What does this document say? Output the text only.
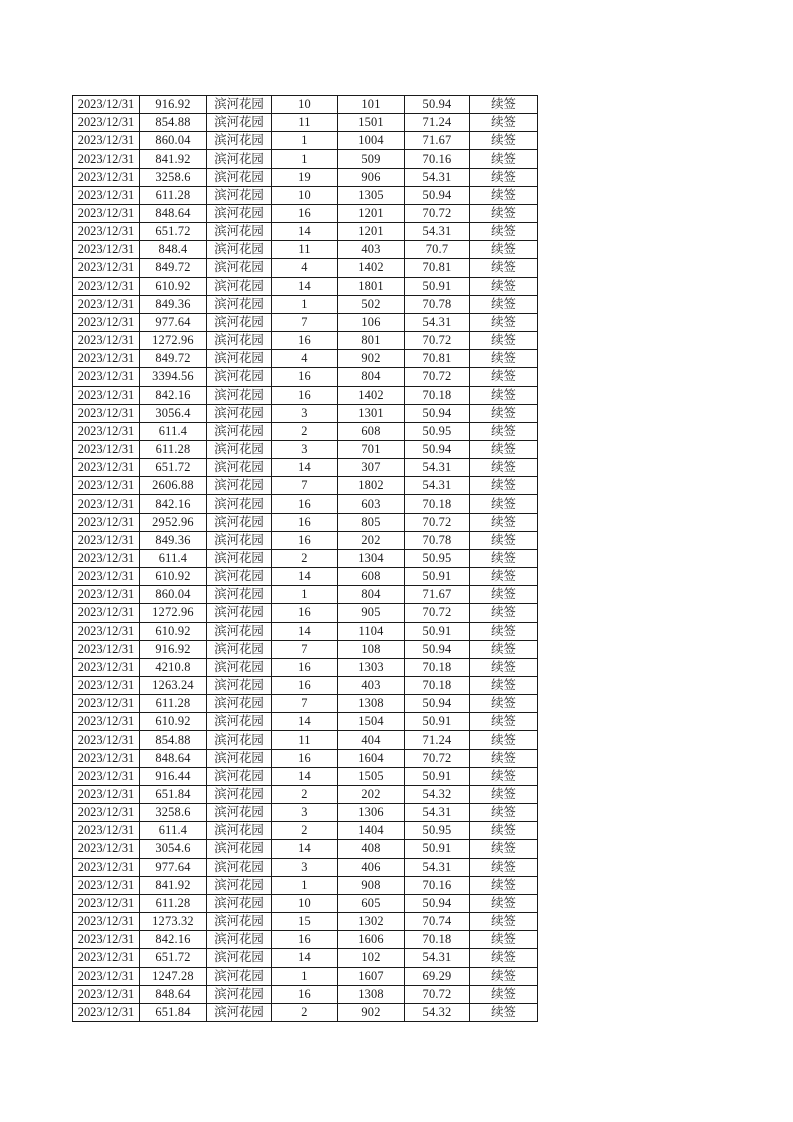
2023/12/31	916.92	滨河花园	10	101	50.94	续签
2023/12/31	854.88	滨河花园	11	1501	71.24	续签
2023/12/31	860.04	滨河花园	1	1004	71.67	续签
2023/12/31	841.92	滨河花园	1	509	70.16	续签
2023/12/31	3258.6	滨河花园	19	906	54.31	续签
2023/12/31	611.28	滨河花园	10	1305	50.94	续签
2023/12/31	848.64	滨河花园	16	1201	70.72	续签
2023/12/31	651.72	滨河花园	14	1201	54.31	续签
2023/12/31	848.4	滨河花园	11	403	70.7	续签
2023/12/31	849.72	滨河花园	4	1402	70.81	续签
2023/12/31	610.92	滨河花园	14	1801	50.91	续签
2023/12/31	849.36	滨河花园	1	502	70.78	续签
2023/12/31	977.64	滨河花园	7	106	54.31	续签
2023/12/31	1272.96	滨河花园	16	801	70.72	续签
2023/12/31	849.72	滨河花园	4	902	70.81	续签
2023/12/31	3394.56	滨河花园	16	804	70.72	续签
2023/12/31	842.16	滨河花园	16	1402	70.18	续签
2023/12/31	3056.4	滨河花园	3	1301	50.94	续签
2023/12/31	611.4	滨河花园	2	608	50.95	续签
2023/12/31	611.28	滨河花园	3	701	50.94	续签
2023/12/31	651.72	滨河花园	14	307	54.31	续签
2023/12/31	2606.88	滨河花园	7	1802	54.31	续签
2023/12/31	842.16	滨河花园	16	603	70.18	续签
2023/12/31	2952.96	滨河花园	16	805	70.72	续签
2023/12/31	849.36	滨河花园	16	202	70.78	续签
2023/12/31	611.4	滨河花园	2	1304	50.95	续签
2023/12/31	610.92	滨河花园	14	608	50.91	续签
2023/12/31	860.04	滨河花园	1	804	71.67	续签
2023/12/31	1272.96	滨河花园	16	905	70.72	续签
2023/12/31	610.92	滨河花园	14	1104	50.91	续签
2023/12/31	916.92	滨河花园	7	108	50.94	续签
2023/12/31	4210.8	滨河花园	16	1303	70.18	续签
2023/12/31	1263.24	滨河花园	16	403	70.18	续签
2023/12/31	611.28	滨河花园	7	1308	50.94	续签
2023/12/31	610.92	滨河花园	14	1504	50.91	续签
2023/12/31	854.88	滨河花园	11	404	71.24	续签
2023/12/31	848.64	滨河花园	16	1604	70.72	续签
2023/12/31	916.44	滨河花园	14	1505	50.91	续签
2023/12/31	651.84	滨河花园	2	202	54.32	续签
2023/12/31	3258.6	滨河花园	3	1306	54.31	续签
2023/12/31	611.4	滨河花园	2	1404	50.95	续签
2023/12/31	3054.6	滨河花园	14	408	50.91	续签
2023/12/31	977.64	滨河花园	3	406	54.31	续签
2023/12/31	841.92	滨河花园	1	908	70.16	续签
2023/12/31	611.28	滨河花园	10	605	50.94	续签
2023/12/31	1273.32	滨河花园	15	1302	70.74	续签
2023/12/31	842.16	滨河花园	16	1606	70.18	续签
2023/12/31	651.72	滨河花园	14	102	54.31	续签
2023/12/31	1247.28	滨河花园	1	1607	69.29	续签
2023/12/31	848.64	滨河花园	16	1308	70.72	续签
2023/12/31	651.84	滨河花园	2	902	54.32	续签
